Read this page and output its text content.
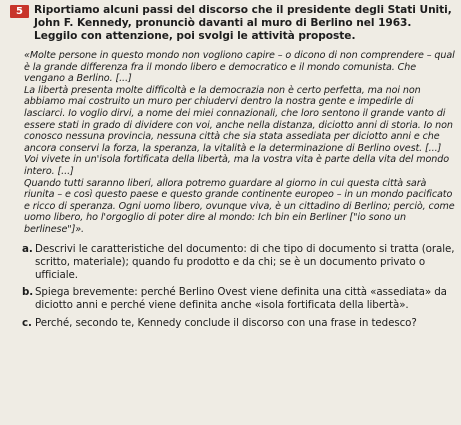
5	Riportiamo alcuni passi del discorso che il presidente degli Stati Uniti, John F. Kennedy, pronunciò davanti al muro di Berlino nel 1963. Leggilo con attenzione, poi svolgi le attività proposte.

«Molte persone in questo mondo non vogliono capire – o dicono di non comprendere – qual è la grande differenza fra il mondo libero e democratico e il mondo comunista. Che vengano a Berlino. [...]

La libertà presenta molte difficoltà e la democrazia non è certo perfetta, ma noi non abbiamo mai costruito un muro per chiudervi dentro la nostra gente e impedirle di lasciarci. Io voglio dirvi, a nome dei miei connazionali, che loro sentono il grande vanto di essere stati in grado di dividere con voi, anche nella distanza, diciotto anni di storia. Io non conosco nessuna provincia, nessuna città che sia stata assediata per diciotto anni e che ancora conservi la forza, la speranza, la vitalità e la determinazione di Berlino ovest. [...]

Voi vivete in un'isola fortificata della libertà, ma la vostra vita è parte della vita del mondo intero. [...]

Quando tutti saranno liberi, allora potremo guardare al giorno in cui questa città sarà riunita – e così questo paese e questo grande continente europeo – in un mondo pacificato e ricco di speranza. Ogni uomo libero, ovunque viva, è un cittadino di Berlino; perciò, come uomo libero, ho l'orgoglio di poter dire al mondo: Ich bin ein Berliner ["io sono un berlinese"]».

a. Descrivi le caratteristiche del documento: di che tipo di documento si tratta (orale, scritto, materiale); quando fu prodotto e da chi; se è un documento privato o ufficiale.
b. Spiega brevemente: perché Berlino Ovest viene definita una città «assediata» da diciotto anni e perché viene definita anche «isola fortificata della libertà».
c. Perché, secondo te, Kennedy conclude il discorso con una frase in tedesco?
